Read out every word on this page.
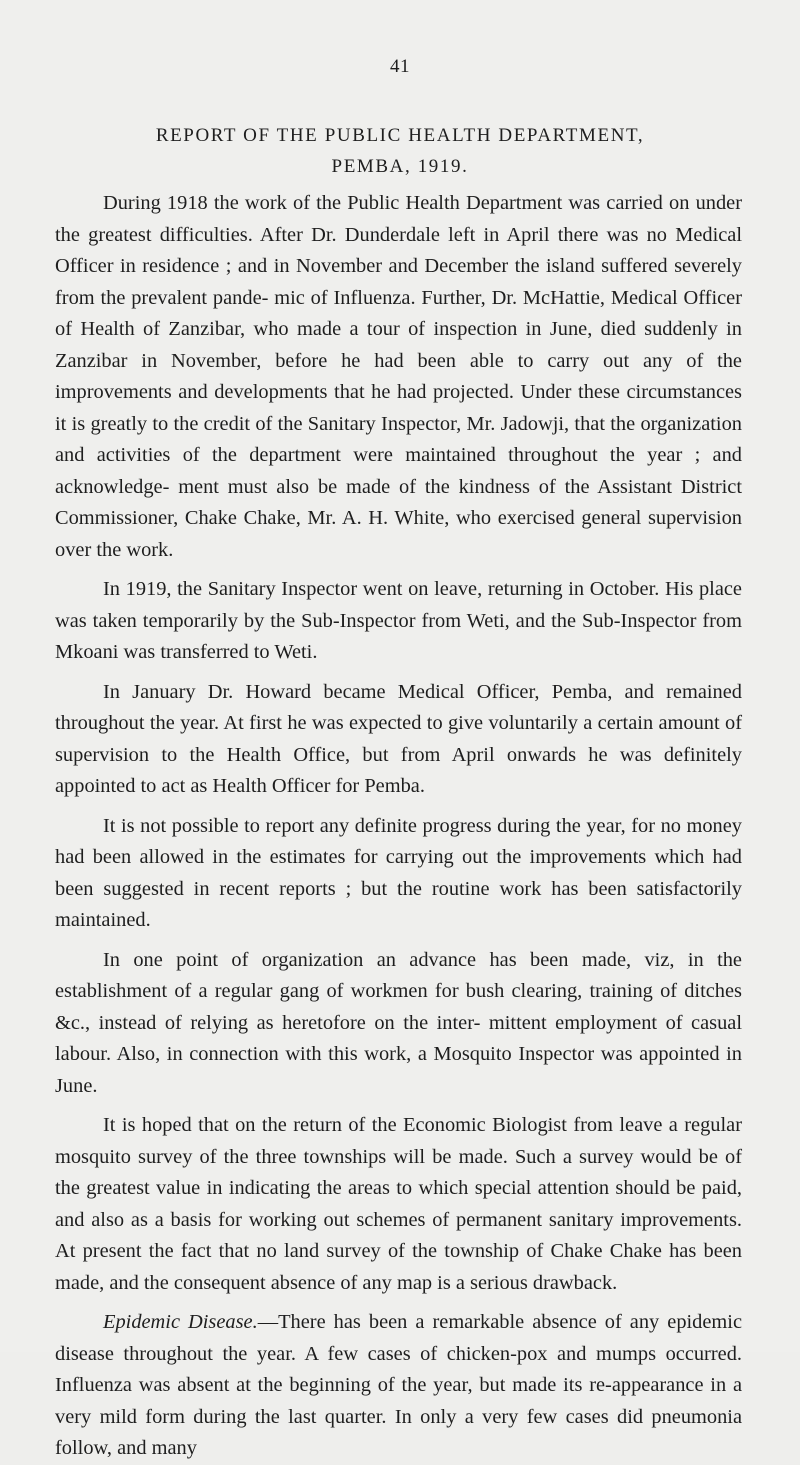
41
REPORT OF THE PUBLIC HEALTH DEPARTMENT,
PEMBA, 1919.

During 1918 the work of the Public Health Department was carried on under the greatest difficulties. After Dr. Dunderdale left in April there was no Medical Officer in residence ; and in November and December the island suffered severely from the prevalent pande- mic of Influenza. Further, Dr. McHattie, Medical Officer of Health of Zanzibar, who made a tour of inspection in June, died suddenly in Zanzibar in November, before he had been able to carry out any of the improvements and developments that he had projected. Under these circumstances it is greatly to the credit of the Sanitary Inspector, Mr. Jadowji, that the organization and activities of the department were maintained throughout the year ; and acknowledge- ment must also be made of the kindness of the Assistant District Commissioner, Chake Chake, Mr. A. H. White, who exercised general supervision over the work.

In 1919, the Sanitary Inspector went on leave, returning in October. His place was taken temporarily by the Sub-Inspector from Weti, and the Sub-Inspector from Mkoani was transferred to Weti.

In January Dr. Howard became Medical Officer, Pemba, and remained throughout the year. At first he was expected to give voluntarily a certain amount of supervision to the Health Office, but from April onwards he was definitely appointed to act as Health Officer for Pemba.

It is not possible to report any definite progress during the year, for no money had been allowed in the estimates for carrying out the improvements which had been suggested in recent reports ; but the routine work has been satisfactorily maintained.

In one point of organization an advance has been made, viz, in the establishment of a regular gang of workmen for bush clearing, training of ditches &c., instead of relying as heretofore on the inter- mittent employment of casual labour. Also, in connection with this work, a Mosquito Inspector was appointed in June.

It is hoped that on the return of the Economic Biologist from leave a regular mosquito survey of the three townships will be made. Such a survey would be of the greatest value in indicating the areas to which special attention should be paid, and also as a basis for working out schemes of permanent sanitary improvements. At present the fact that no land survey of the township of Chake Chake has been made, and the consequent absence of any map is a serious drawback.

Epidemic Disease.—There has been a remarkable absence of any epidemic disease throughout the year. A few cases of chicken-pox and mumps occurred. Influenza was absent at the beginning of the year, but made its re-appearance in a very mild form during the last quarter. In only a very few cases did pneumonia follow, and many
